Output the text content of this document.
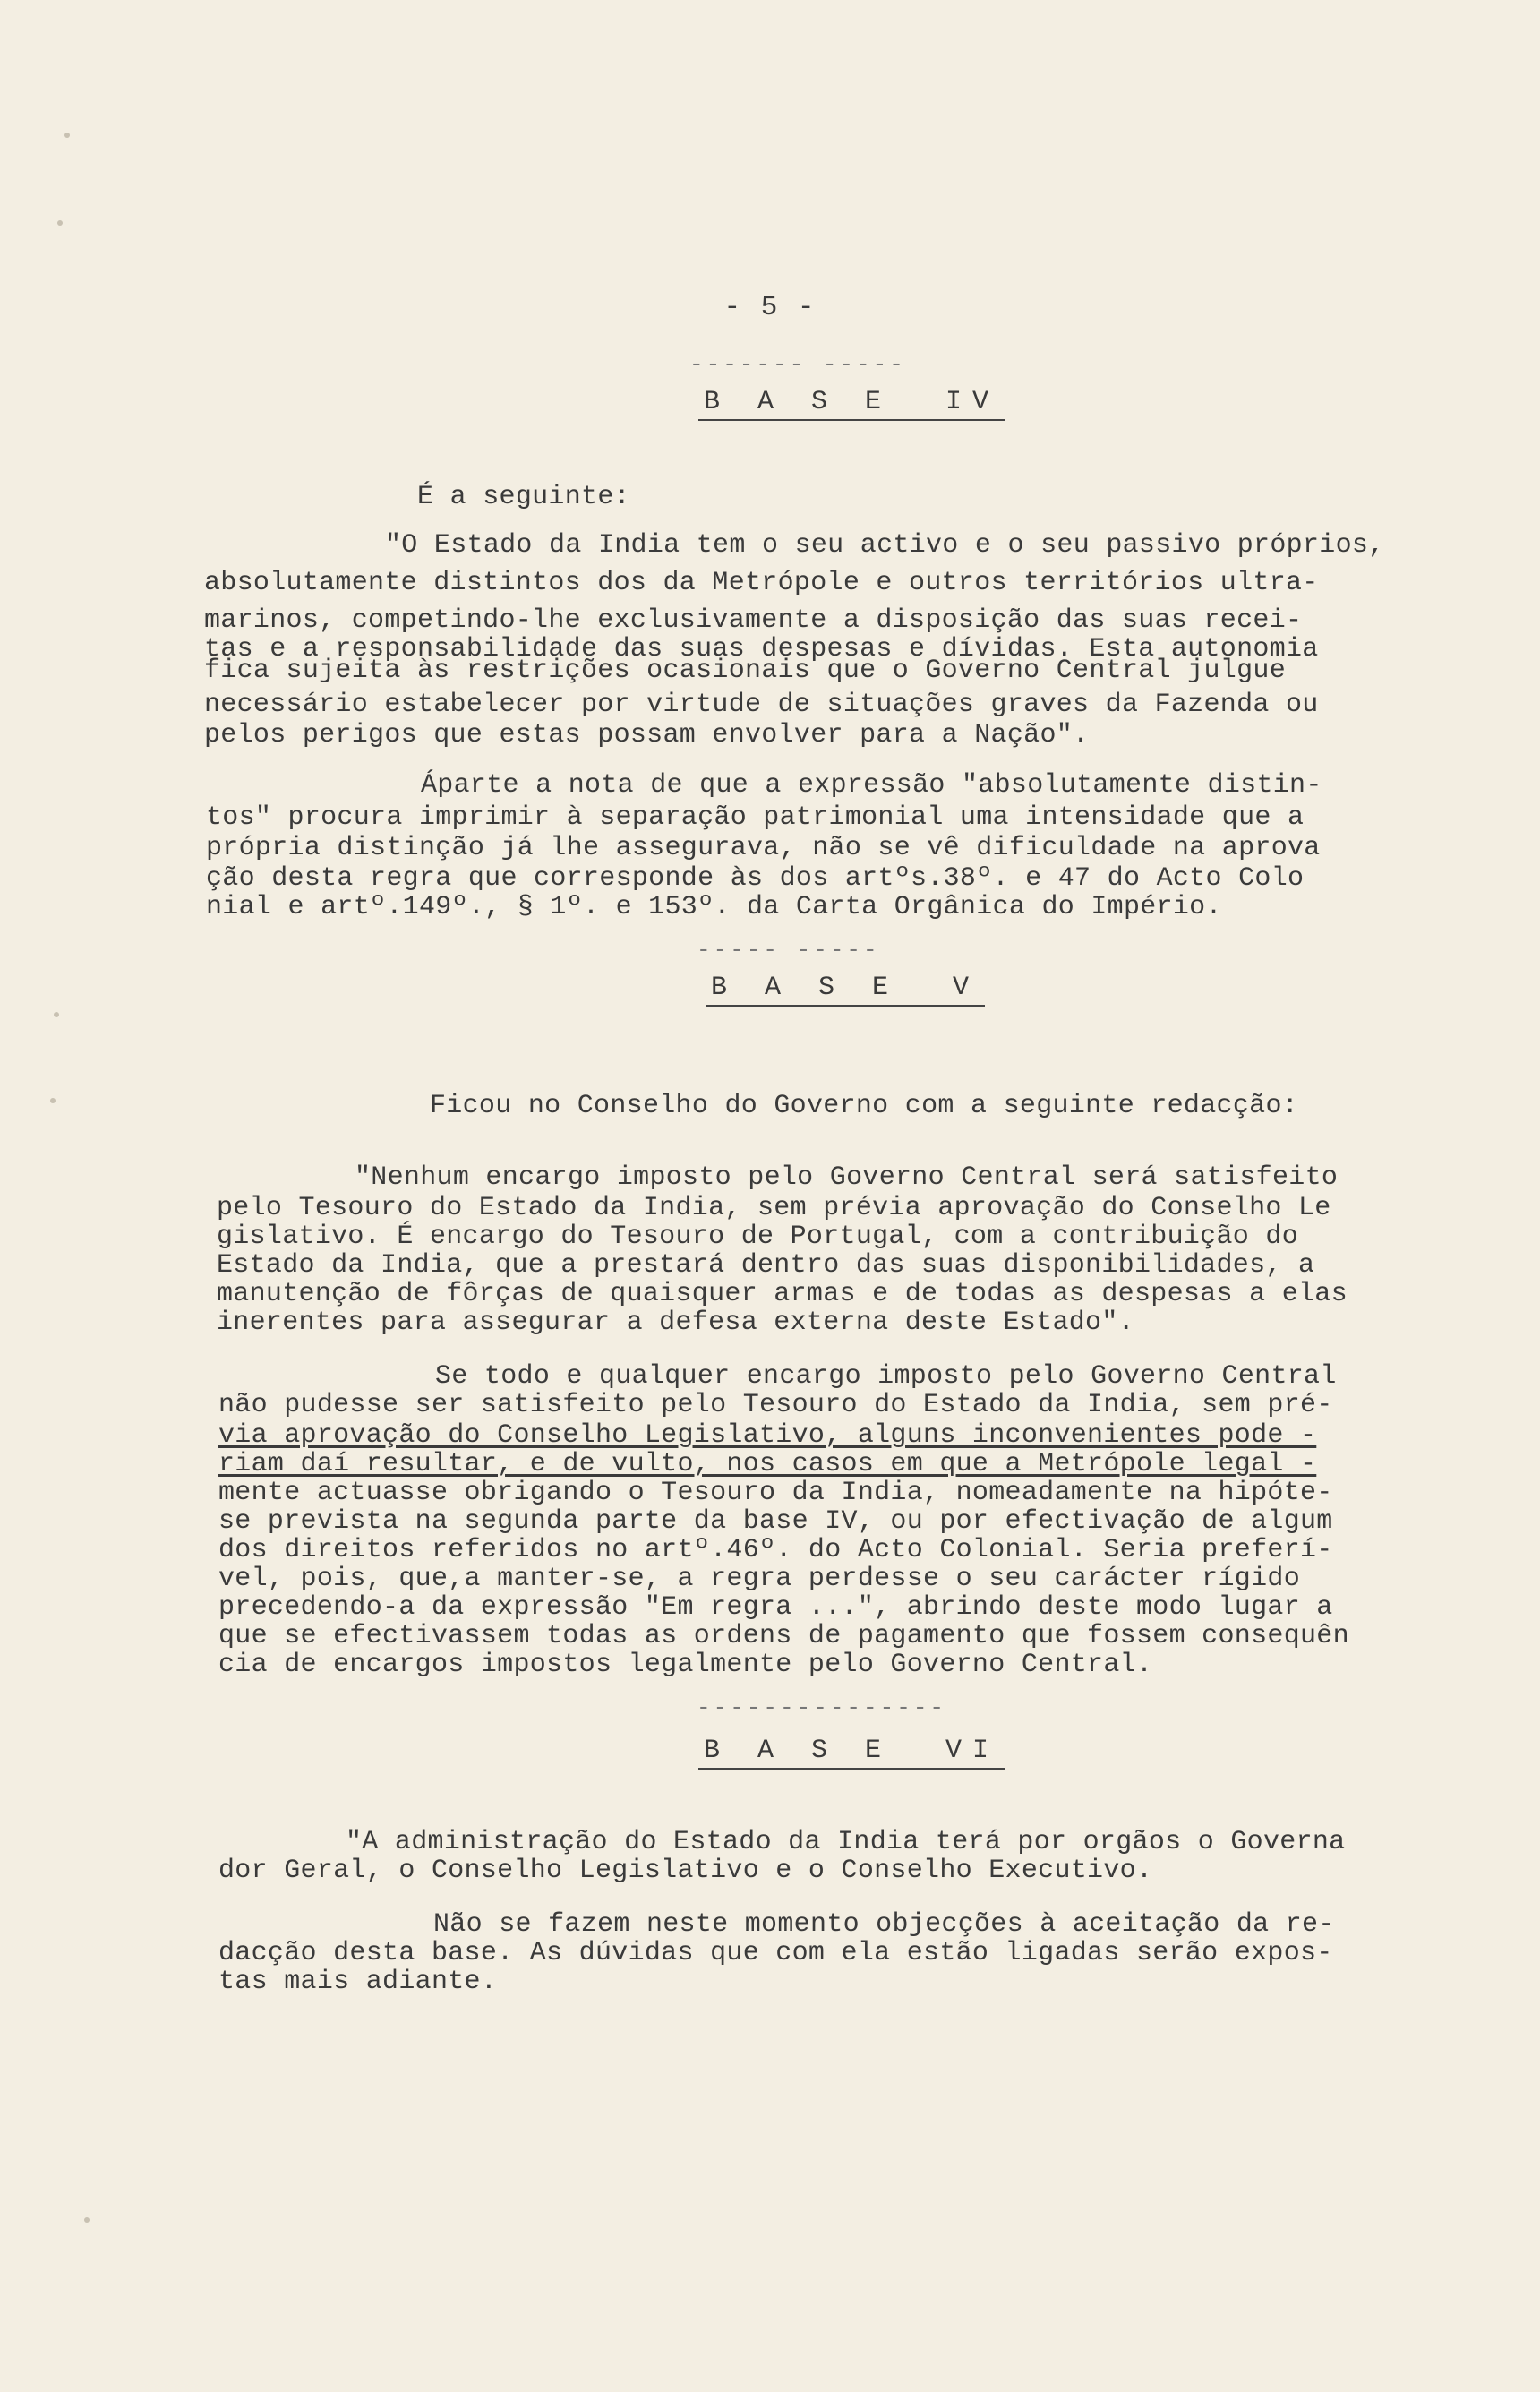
- 5 -
------- -----
B A S E  IV
É a seguinte:
"O Estado da India tem o seu activo e o seu passivo próprios,
absolutamente distintos dos da Metrópole e outros territórios ultra-
marinos, competindo-lhe exclusivamente a disposição das suas recei-
tas e a responsabilidade das suas despesas e dívidas. Esta autonomia
fica sujeita às restrições ocasionais que o Governo Central julgue
necessário estabelecer por virtude de situações graves da Fazenda ou
pelos perigos que estas possam envolver para a Nação".
Áparte a nota de que a expressão "absolutamente distin-
tos" procura imprimir à separação patrimonial uma intensidade que a
própria distinção já lhe assegurava, não se vê dificuldade na aprova
ção desta regra que corresponde às dos artºs.38º. e 47 do Acto Colo
nial e artº.149º., § 1º. e 153º. da Carta Orgânica do Império.
----- -----
B A S E  V
Ficou no Conselho do Governo com a seguinte redacção:
"Nenhum encargo imposto pelo Governo Central será satisfeito
pelo Tesouro do Estado da India, sem prévia aprovação do Conselho Le
gislativo. É encargo do Tesouro de Portugal, com a contribuição do
Estado da India, que a prestará dentro das suas disponibilidades, a
manutenção de fôrças de quaisquer armas e de todas as despesas a elas
inerentes para assegurar a defesa externa deste Estado".
Se todo e qualquer encargo imposto pelo Governo Central
não pudesse ser satisfeito pelo Tesouro do Estado da India, sem pré-
via aprovação do Conselho Legislativo, alguns inconvenientes pode -
riam daí resultar, e de vulto, nos casos em que a Metrópole legal -
mente actuasse obrigando o Tesouro da India, nomeadamente na hipóte-
se prevista na segunda parte da base IV, ou por efectivação de algum
dos direitos referidos no artº.46º. do Acto Colonial. Seria preferí-
vel, pois, que,a manter-se, a regra perdesse o seu carácter rígido
precedendo-a da expressão "Em regra ...", abrindo deste modo lugar a
que se efectivassem todas as ordens de pagamento que fossem consequên
cia de encargos impostos legalmente pelo Governo Central.
---------------
B A S E  VI
"A administração do Estado da India terá por orgãos o Governa
dor Geral, o Conselho Legislativo e o Conselho Executivo.
Não se fazem neste momento objecções à aceitação da re-
dacção desta base. As dúvidas que com ela estão ligadas serão expos-
tas mais adiante.
